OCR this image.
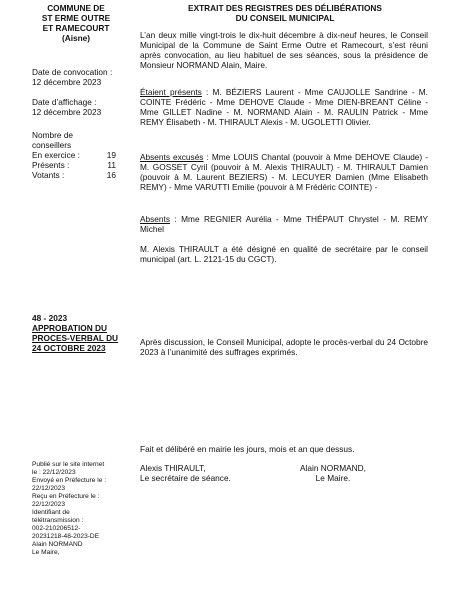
COMMUNE DE
ST ERME OUTRE
ET RAMECOURT
(Aisne)
EXTRAIT DES REGISTRES DES DÉLIBÉRATIONS
DU CONSEIL MUNICIPAL
Date de convocation :
12 décembre 2023
Date d’affichage :
12 décembre 2023
Nombre de
conseillers
En exercice :	19
Présents :	11
Votants :	16
L’an deux mille vingt-trois le dix-huit décembre à dix-neuf heures, le Conseil Municipal de la Commune de Saint Erme Outre et Ramecourt, s’est réuni après convocation, au lieu habituel de ses séances, sous la présidence de Monsieur NORMAND Alain, Maire.
Étaient présents : M. BÉZIERS Laurent - Mme CAUJOLLE Sandrine - M. COINTE Frédéric - Mme DEHOVE Claude - Mme DIEN-BREANT Céline - Mme GILLET Nadine - M. NORMAND Alain - M. RAULIN Patrick - Mme REMY Élisabeth - M. THIRAULT Alexis - M. UGOLETTI Olivier.
Absents excusés : Mme LOUIS Chantal (pouvoir à Mme DEHOVE Claude) - M. GOSSET Cyril (pouvoir à M. Alexis THIRAULT) - M. THIRAULT Damien (pouvoir à M. Laurent BEZIERS) - M. LECUYER Damien (Mme Elisabeth REMY) - Mme VARUTTI Emilie (pouvoir à M Frédéric COINTE) -
Absents : Mme REGNIER Aurélia - Mme THÉPAUT Chrystel - M. REMY Michel
M. Alexis THIRAULT a été désigné en qualité de secrétaire par le conseil municipal (art. L. 2121-15 du CGCT).
48 - 2023
APPROBATION DU PROCES-VERBAL DU 24 OCTOBRE 2023
Après discussion, le Conseil Municipal, adopte le procès-verbal du 24 Octobre 2023 à l’unanimité des suffrages exprimés.
Fait et délibéré en mairie les jours, mois et an que dessus.
Alexis THIRAULT,
Le secrétaire de séance.
Alain NORMAND,
Le Maire.
Publié sur le site internet
le : 22/12/2023
Envoyé en Préfecture le :
22/12/2023
Reçu en Préfecture le :
22/12/2023
Identifiant de
télétransmission :
002-210206512-
20231218-48-2023-DE
Alain NORMAND
Le Maire,
